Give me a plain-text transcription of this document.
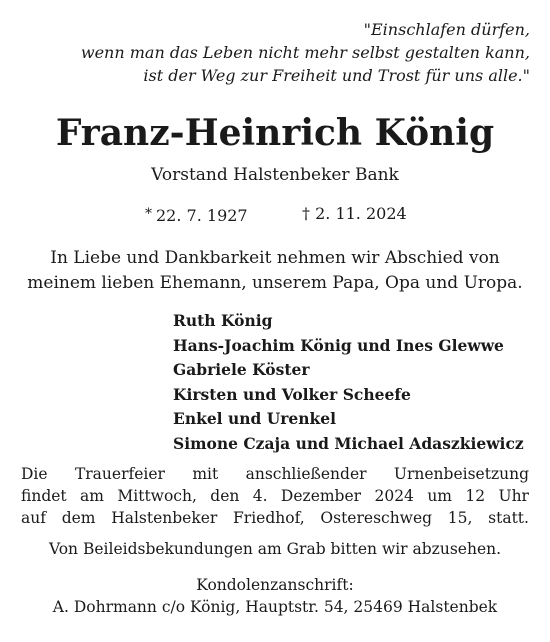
"Einschlafen dürfen,
wenn man das Leben nicht mehr selbst gestalten kann,
ist der Weg zur Freiheit und Trost für uns alle."
Franz-Heinrich König
Vorstand Halstenbeker Bank
* 22. 7. 1927	† 2. 11. 2024
In Liebe und Dankbarkeit nehmen wir Abschied von
meinem lieben Ehemann, unserem Papa, Opa und Uropa.
Ruth König
Hans-Joachim König und Ines Glewwe
Gabriele Köster
Kirsten und Volker Scheefe
Enkel und Urenkel
Simone Czaja und Michael Adaszkiewicz
Die Trauerfeier mit anschließender Urnenbeisetzung
findet am Mittwoch, den 4. Dezember 2024 um 12 Uhr
auf dem Halstenbeker Friedhof, Ostereschweg 15, statt.
Von Beileidsbekundungen am Grab bitten wir abzusehen.
Kondolenzanschrift:
A. Dohrmann c/o König, Hauptstr. 54, 25469 Halstenbek
